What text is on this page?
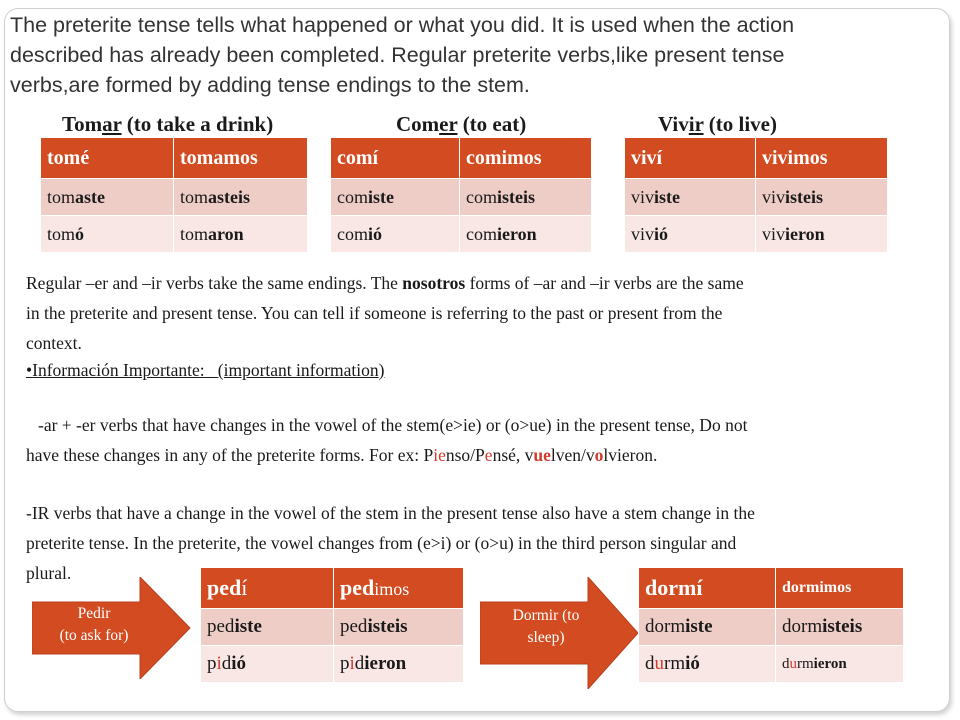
The preterite tense tells what happened or what you did. It is used when the action
described has already been completed. Regular preterite verbs,like present tense
verbs,are formed by adding tense endings to the stem.
Tomar (to take a drink)	Comer (to eat)	Vivir (to live)
tomé	tomamos
tomaste	tomasteis
tomó	tomaron
comí	comimos
comiste	comisteis
comió	comieron
viví	vivimos
viviste	vivisteis
vivió	vivieron
Regular –er and –ir verbs take the same endings. The nosotros forms of –ar and –ir verbs are the same
in the preterite and present tense. You can tell if someone is referring to the past or present from the
context.
•Información Importante: (important information)
-ar + -er verbs that have changes in the vowel of the stem(e>ie) or (o>ue) in the present tense, Do not
have these changes in any of the preterite forms. For ex: Pienso/Pensé, vuelven/volvieron.
-IR verbs that have a change in the vowel of the stem in the present tense also have a stem change in the
preterite tense. In the preterite, the vowel changes from (e>i) or (o>u) in the third person singular and
plural.
Pedir
(to ask for)
pedí	pedimos
pediste	pedisteis
pidió	pidieron
Dormir (to
sleep)
dormí	dormimos
dormiste	dormisteis
durmió	durmieron
